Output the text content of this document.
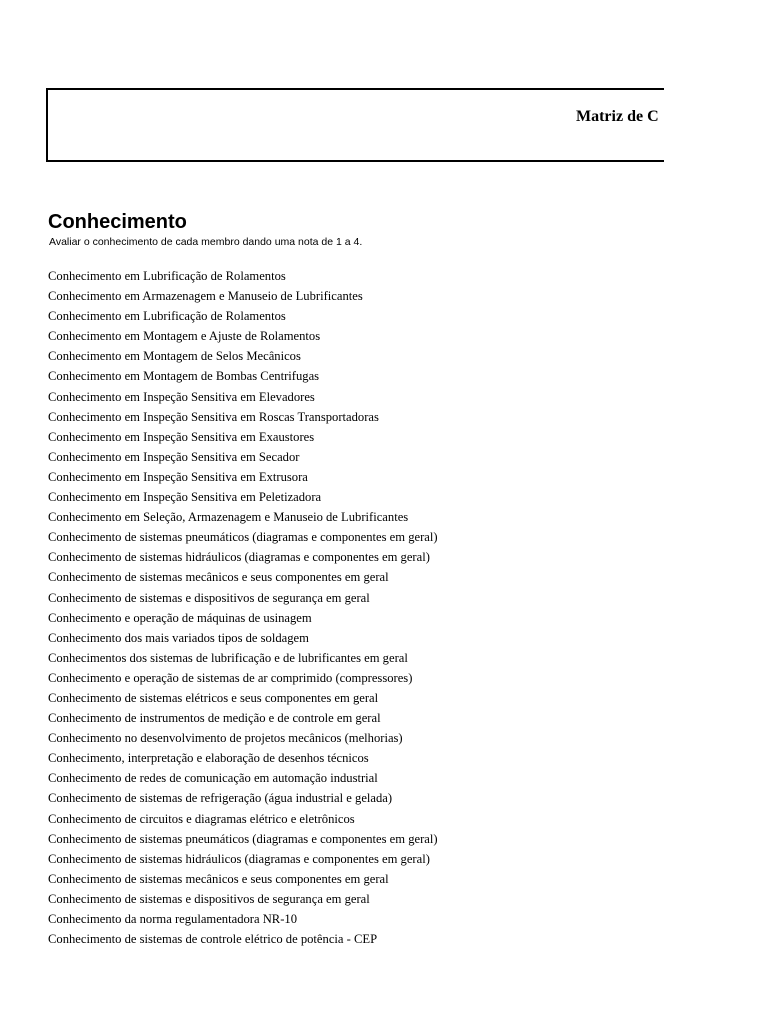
Matriz de C
Conhecimento
Avaliar o conhecimento de cada membro dando uma nota de 1 a 4.
Conhecimento em Lubrificação de Rolamentos
Conhecimento em Armazenagem e Manuseio de Lubrificantes
Conhecimento em Lubrificação de Rolamentos
Conhecimento em Montagem e Ajuste de Rolamentos
Conhecimento em Montagem de Selos Mecânicos
Conhecimento em Montagem de Bombas Centrifugas
Conhecimento em Inspeção Sensitiva em Elevadores
Conhecimento em Inspeção Sensitiva em Roscas Transportadoras
Conhecimento em Inspeção Sensitiva em Exaustores
Conhecimento em Inspeção Sensitiva em Secador
Conhecimento em Inspeção Sensitiva em Extrusora
Conhecimento em Inspeção Sensitiva em Peletizadora
Conhecimento em Seleção, Armazenagem e Manuseio de Lubrificantes
Conhecimento de sistemas pneumáticos (diagramas e componentes em geral)
Conhecimento de sistemas hidráulicos (diagramas e componentes em geral)
Conhecimento de sistemas mecânicos e seus componentes em geral
Conhecimento de sistemas e dispositivos de segurança em geral
Conhecimento e operação de máquinas de usinagem
Conhecimento dos mais variados tipos de soldagem
Conhecimentos dos sistemas de lubrificação e de lubrificantes em geral
Conhecimento e operação de sistemas de ar comprimido (compressores)
Conhecimento de sistemas elétricos e seus componentes em geral
Conhecimento de instrumentos de medição e de controle em geral
Conhecimento no desenvolvimento de projetos mecânicos (melhorias)
Conhecimento, interpretação e elaboração de desenhos técnicos
Conhecimento de redes de comunicação em automação industrial
Conhecimento de sistemas de refrigeração (água industrial e gelada)
Conhecimento de circuitos e diagramas elétrico e eletrônicos
Conhecimento de sistemas pneumáticos (diagramas e componentes em geral)
Conhecimento de sistemas hidráulicos (diagramas e componentes em geral)
Conhecimento de sistemas mecânicos e seus componentes em geral
Conhecimento de sistemas e dispositivos de segurança em geral
Conhecimento da norma regulamentadora NR-10
Conhecimento de sistemas de controle elétrico de potência - CEP
